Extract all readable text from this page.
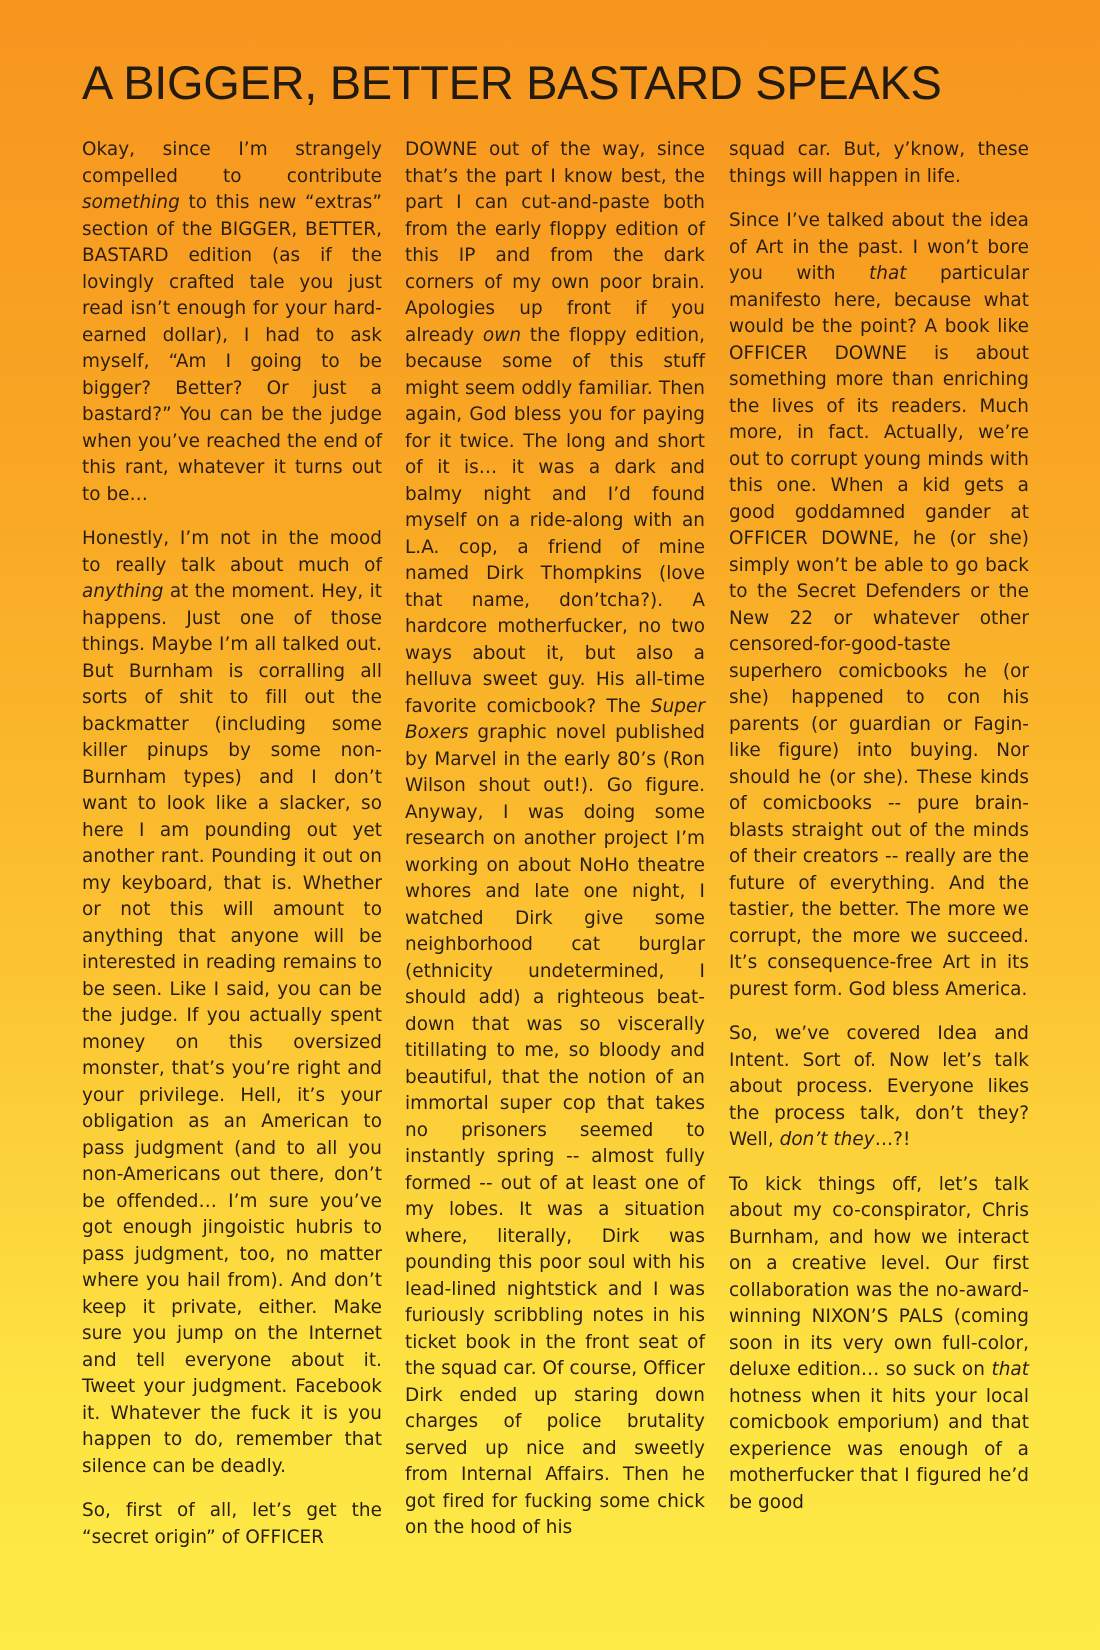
A BIGGER, BETTER BASTARD SPEAKS

Okay, since I’m strangely compelled to contribute something to this new “extras” section of the BIGGER, BETTER, BASTARD edition (as if the lovingly crafted tale you just read isn’t enough for your hard-earned dollar), I had to ask myself, “Am I going to be bigger? Better? Or just a bastard?” You can be the judge when you’ve reached the end of this rant, whatever it turns out to be…

Honestly, I’m not in the mood to really talk about much of anything at the moment. Hey, it happens. Just one of those things. Maybe I’m all talked out. But Burnham is corralling all sorts of shit to fill out the backmatter (including some killer pinups by some non-Burnham types) and I don’t want to look like a slacker, so here I am pounding out yet another rant. Pounding it out on my keyboard, that is. Whether or not this will amount to anything that anyone will be interested in reading remains to be seen. Like I said, you can be the judge. If you actually spent money on this oversized monster, that’s you’re right and your privilege. Hell, it’s your obligation as an American to pass judgment (and to all you non-Americans out there, don’t be offended… I’m sure you’ve got enough jingoistic hubris to pass judgment, too, no matter where you hail from). And don’t keep it private, either. Make sure you jump on the Internet and tell everyone about it. Tweet your judgment. Facebook it. Whatever the fuck it is you happen to do, remember that silence can be deadly.

So, first of all, let’s get the “secret origin” of OFFICER

DOWNE out of the way, since that’s the part I know best, the part I can cut-and-paste both from the early floppy edition of this IP and from the dark corners of my own poor brain. Apologies up front if you already own the floppy edition, because some of this stuff might seem oddly familiar. Then again, God bless you for paying for it twice. The long and short of it is… it was a dark and balmy night and I’d found myself on a ride-along with an L.A. cop, a friend of mine named Dirk Thompkins (love that name, don’tcha?). A hardcore motherfucker, no two ways about it, but also a helluva sweet guy. His all-time favorite comicbook? The Super Boxers graphic novel published by Marvel in the early 80’s (Ron Wilson shout out!). Go figure. Anyway, I was doing some research on another project I’m working on about NoHo theatre whores and late one night, I watched Dirk give some neighborhood cat burglar (ethnicity undetermined, I should add) a righteous beat-down that was so viscerally titillating to me, so bloody and beautiful, that the notion of an immortal super cop that takes no prisoners seemed to instantly spring -- almost fully formed -- out of at least one of my lobes. It was a situation where, literally, Dirk was pounding this poor soul with his lead-lined nightstick and I was furiously scribbling notes in his ticket book in the front seat of the squad car. Of course, Officer Dirk ended up staring down charges of police brutality served up nice and sweetly from Internal Affairs. Then he got fired for fucking some chick on the hood of his

squad car. But, y’know, these things will happen in life.

Since I’ve talked about the idea of Art in the past. I won’t bore you with that particular manifesto here, because what would be the point? A book like OFFICER DOWNE is about something more than enriching the lives of its readers. Much more, in fact. Actually, we’re out to corrupt young minds with this one. When a kid gets a good goddamned gander at OFFICER DOWNE, he (or she) simply won’t be able to go back to the Secret Defenders or the New 22 or whatever other censored-for-good-taste superhero comicbooks he (or she) happened to con his parents (or guardian or Fagin-like figure) into buying. Nor should he (or she). These kinds of comicbooks -- pure brain-blasts straight out of the minds of their creators -- really are the future of everything. And the tastier, the better. The more we corrupt, the more we succeed. It’s consequence-free Art in its purest form. God bless America.

So, we’ve covered Idea and Intent. Sort of. Now let’s talk about process. Everyone likes the process talk, don’t they? Well, don’t they…?!

To kick things off, let’s talk about my co-conspirator, Chris Burnham, and how we interact on a creative level. Our first collaboration was the no-award-winning NIXON’S PALS (coming soon in its very own full-color, deluxe edition… so suck on that hotness when it hits your local comicbook emporium) and that experience was enough of a motherfucker that I figured he’d be good
